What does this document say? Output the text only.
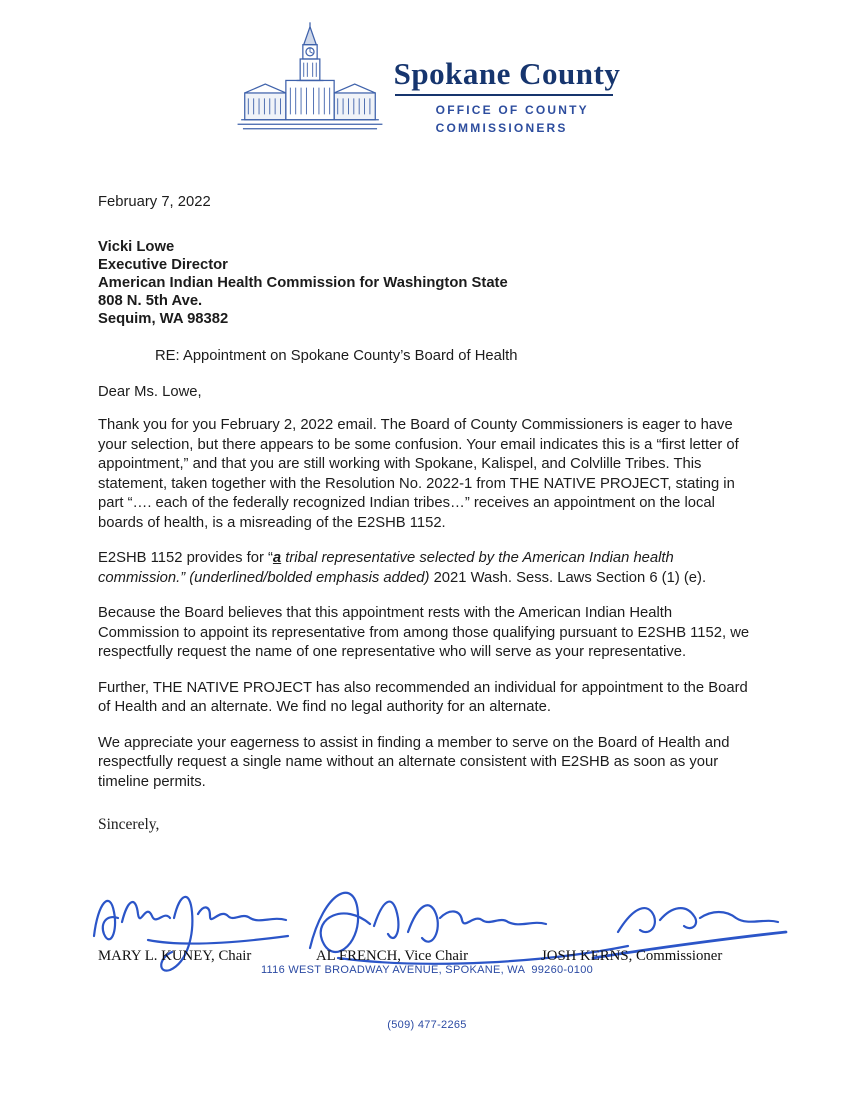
Spokane County
OFFICE OF COUNTY
COMMISSIONERS
February 7, 2022
Vicki Lowe
Executive Director
American Indian Health Commission for Washington State
808 N. 5th Ave.
Sequim, WA 98382
RE: Appointment on Spokane County’s Board of Health
Dear Ms. Lowe,

Thank you for you February 2, 2022 email. The Board of County Commissioners is eager to have your selection, but there appears to be some confusion. Your email indicates this is a “first letter of appointment,” and that you are still working with Spokane, Kalispel, and Colvlille Tribes. This statement, taken together with the Resolution No. 2022-1 from THE NATIVE PROJECT, stating in part “…. each of the federally recognized Indian tribes…” receives an appointment on the local boards of health, is a misreading of the E2SHB 1152.

E2SHB 1152 provides for “a tribal representative selected by the American Indian health commission.” (underlined/bolded emphasis added) 2021 Wash. Sess. Laws Section 6 (1) (e).

Because the Board believes that this appointment rests with the American Indian Health Commission to appoint its representative from among those qualifying pursuant to E2SHB 1152, we respectfully request the name of one representative who will serve as your representative.

Further, THE NATIVE PROJECT has also recommended an individual for appointment to the Board of Health and an alternate. We find no legal authority for an alternate.

We appreciate your eagerness to assist in finding a member to serve on the Board of Health and respectfully request a single name without an alternate consistent with E2SHB as soon as your timeline permits.

Sincerely,
MARY L. KUNEY, Chair	AL FRENCH, Vice Chair	JOSH KERNS, Commissioner

1116 WEST BROADWAY AVENUE, SPOKANE, WA  99260-0100

(509) 477-2265
